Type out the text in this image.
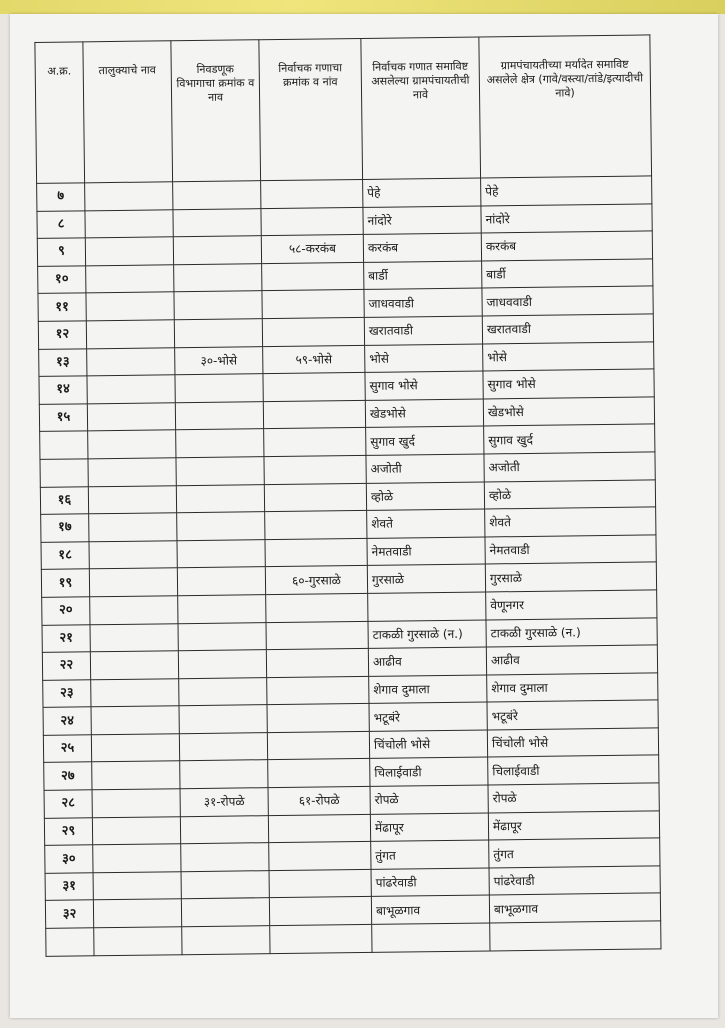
अ.क्र.	तालुक्याचे नाव	निवडणूक विभागाचा क्रमांक व नाव	निर्वाचक गणाचा क्रमांक व नांव	निर्वाचक गणात समाविष्ट असलेल्या ग्रामपंचायतीची नावे	ग्रामपंचायतीच्या मर्यादेत समाविष्ट असलेले क्षेत्र (गावे/वस्त्या/तांडे/इत्यादीची नावे)
७				पेहे	पेहे
८				नांदोरे	नांदोरे
९			५८-करकंब	करकंब	करकंब
१०				बार्डी	बार्डी
११				जाधववाडी	जाधववाडी
१२				खरातवाडी	खरातवाडी
१३		३०-भोसे	५९-भोसे	भोसे	भोसे
१४				सुगाव भोसे	सुगाव भोसे
१५				खेडभोसे	खेडभोसे
				सुगाव खुर्द	सुगाव खुर्द
				अजोती	अजोती
१६				व्होळे	व्होळे
१७				शेवते	शेवते
१८				नेमतवाडी	नेमतवाडी
१९			६०-गुरसाळे	गुरसाळे	गुरसाळे
२०					वेणूनगर
२१				टाकळी गुरसाळे (न.)	टाकळी गुरसाळे (न.)
२२				आढीव	आढीव
२३				शेगाव दुमाला	शेगाव दुमाला
२४				भटूबंरे	भटूबंरे
२५				चिंचोली भोसे	चिंचोली भोसे
२७				चिलाईवाडी	चिलाईवाडी
२८		३१-रोपळे	६१-रोपळे	रोपळे	रोपळे
२९				मेंढापूर	मेंढापूर
३०				तुंगत	तुंगत
३१				पांढरेवाडी	पांढरेवाडी
३२				बाभूळगाव	बाभूळगाव
